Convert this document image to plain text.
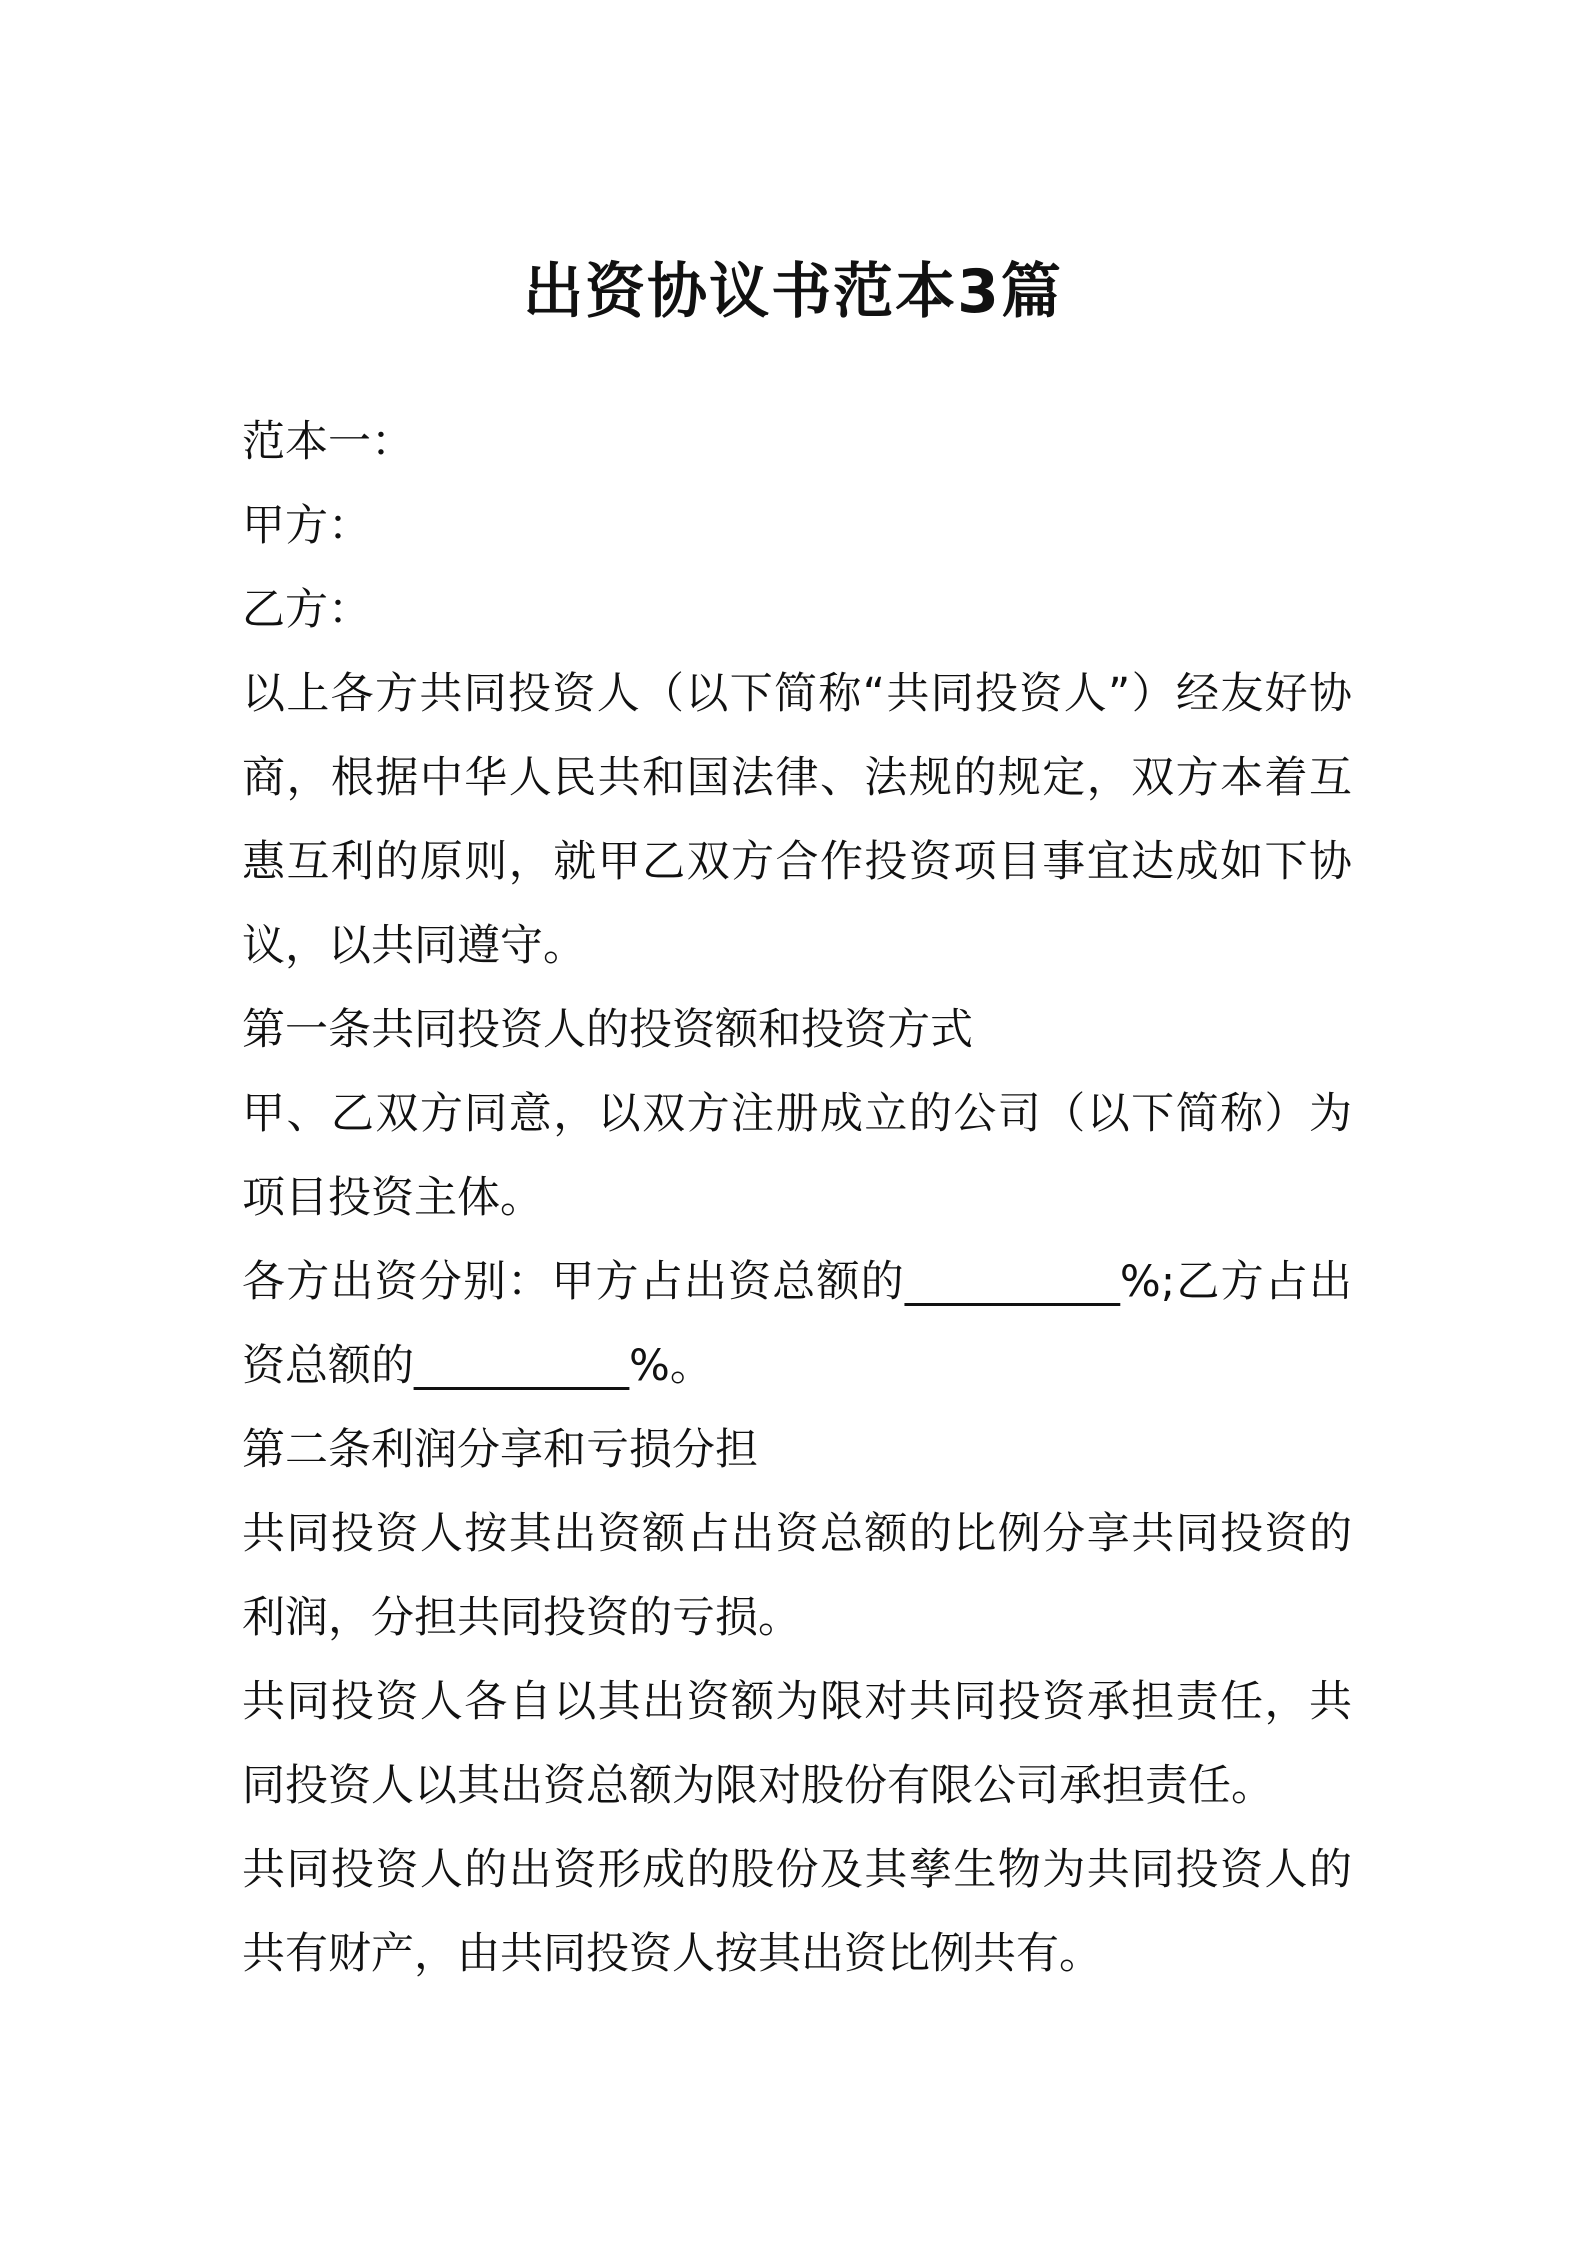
出资协议书范本3篇

范本一：

甲方：

乙方：

以上各方共同投资人（以下简称“共同投资人”）经友好协商，根据中华人民共和国法律、法规的规定，双方本着互惠互利的原则，就甲乙双方合作投资项目事宜达成如下协议，以共同遵守。

第一条共同投资人的投资额和投资方式

甲、乙双方同意，以双方注册成立的公司（以下简称）为项目投资主体。

各方出资分别：甲方占出资总额的__________%;乙方占出资总额的__________%。

第二条利润分享和亏损分担

共同投资人按其出资额占出资总额的比例分享共同投资的利润，分担共同投资的亏损。

共同投资人各自以其出资额为限对共同投资承担责任，共同投资人以其出资总额为限对股份有限公司承担责任。

共同投资人的出资形成的股份及其孳生物为共同投资人的共有财产，由共同投资人按其出资比例共有。
